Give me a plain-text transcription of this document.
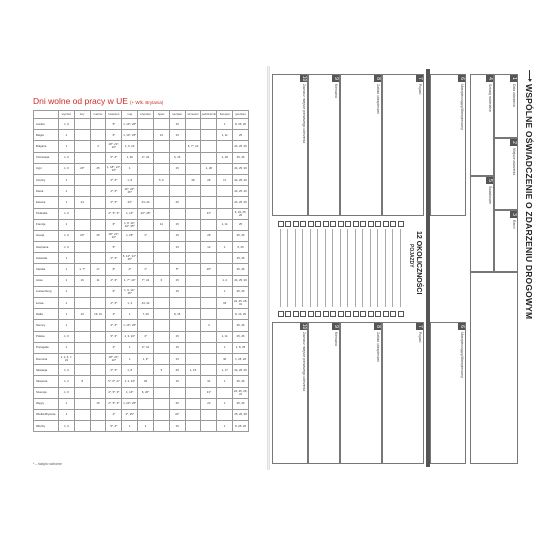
Dni wolne od pracy w UE (+ Wlk. Brytania)
	styczeń	luty	marzec	kwiecień	maj	czerwiec	lipiec	sierpień	wrzesień	październik	listopad	grudzień
Austria	1, 6			5*	1, 14*, 25*			15			1	8, 25, 26
Belgia	1			6*	1, 14*, 25*		21	15			1, 11	25
Bułgaria	1		3	18*, 21*, 22*	1, 6, 24				6, 7*, 22			24, 25, 26
Chorwacja	1, 6			5*, 6*	1, 30	4*, 22		5, 15			1, 18	25, 26
Cypr	1, 6	20*	25	1, 18*, 21*, 22*	1			15		1, 28		24, 25, 26
Czechy	1			2*, 5*	1, 8		5, 6		28	28	17	24, 25, 26
Dania	1			2*, 5*	14*, 24*, 25*							24, 25, 26
Estonia	1	24		2*, 5*	24*	23, 24		20				24, 25, 26
Finlandia	1, 6			2*, 5*, 6*	1, 14*	24*, 25*				31*		6, 24, 25, 26
Francja	1			6*	1, 8, 14*, 24*, 25*		14	15			1, 11	25
Grecja	1, 6	20*	25	18*, 21*, 22*	1, 25*	1*		15		28		25, 26
Hiszpania	1, 6			5*				15		12	1	6, 25
Holandia	1			2*, 5*	5, 14*, 24*, 25*							25, 26
Irlandia	1	1, 7*	17	6*	4*	1*		5*		26*		25, 26
Litwa	1	16	11	2*, 6*	1, 7*, 14*	7*, 24	6	15			1, 2	24, 25, 26
Luksemburg	1			6*	1, 9, 14*, 25*			15			1	25, 26
Łotwa	1			2*, 5*	1, 4	23, 24					18	24, 25, 26, 31
Malta	1	10	19, 31	2*	1	7, 29		8, 15				8, 13, 25
Niemcy	1			2*, 5*	1, 14*, 25*					3		25, 26
Polska	1, 6			5*, 6*	1, 3, 24*	4*		15			1, 11	25, 26
Portugalia	1			2*	1	4*, 10		15			1	1, 8, 25
Rumunia	1, 2, 6, 7, 24			18*, 21*, 22*	1	1, 9*		15			30	1, 25, 26
Słowacja	1, 6			2*, 5*	1, 8		5	29	1, 15		1, 17	24, 25, 26
Słowenia	1, 2	8		5*, 6*, 27	1, 2, 24*	25		15		31	1	25, 26
Szwecja	1, 6			2*, 5*, 6*	1, 14*	6, 20*				31*		24, 25, 26, 31
Węgry	1		15	2*, 5*, 6*	1, 24*, 25*			20		23	1	25, 26
Wielka Brytania	1			2*	4*, 25*			31*				25, 26, 28
Włochy	1, 6			5*, 6*	1	2		15			1	8, 25, 26
* – święto ruchome
WSPÓLNE OŚWIADCZENIE O ZDARZENIU DROGOWYM
1
Data zdarzenia
2
Miejsce zdarzenia
3
Ranni
4
Szkody materialne
5
Świadkowie
6
Ubezpieczający/Ubezpieczony
6
Ubezpieczający/Ubezpieczony
7
Pojazd
8
Zakład ubezpieczeń
9
Kierowca
10
Zaznacz miejsce pierwszego uderzenia
7
Pojazd
8
Zakład ubezpieczeń
9
Kierowca
10
Zaznacz miejsce pierwszego uderzenia
12 OKOLICZNOŚCI
POJAZDY
